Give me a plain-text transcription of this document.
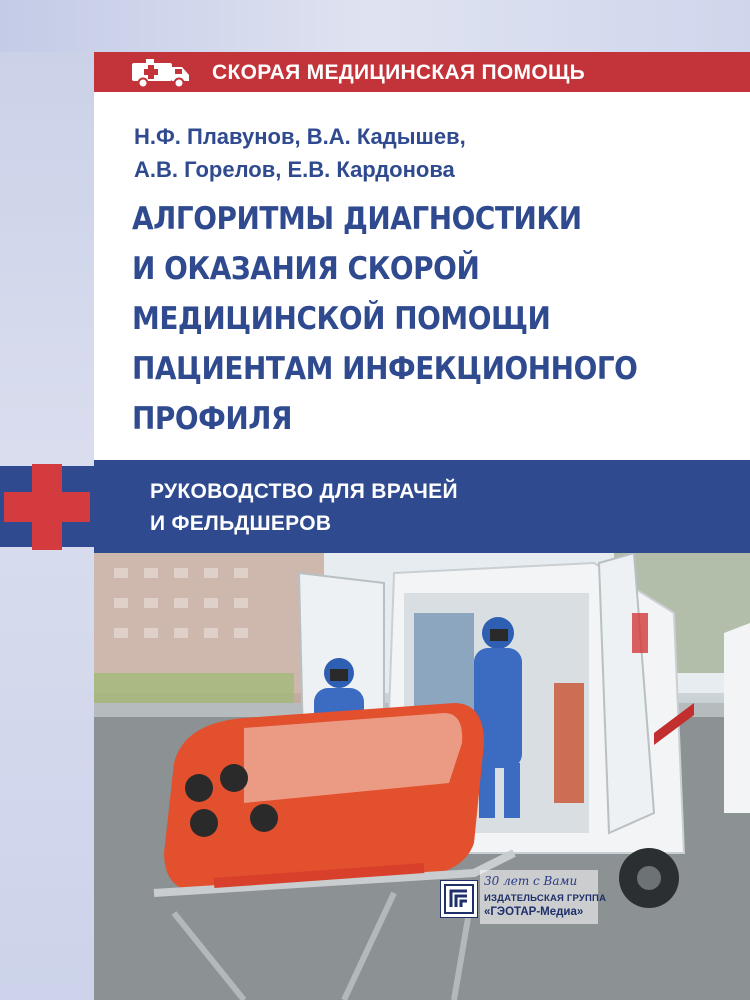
СКОРАЯ МЕДИЦИНСКАЯ ПОМОЩЬ
Н.Ф. Плавунов, В.А. Кадышев,
А.В. Горелов, Е.В. Кардонова
АЛГОРИТМЫ ДИАГНОСТИКИ
И ОКАЗАНИЯ СКОРОЙ
МЕДИЦИНСКОЙ ПОМОЩИ
ПАЦИЕНТАМ ИНФЕКЦИОННОГО
ПРОФИЛЯ
РУКОВОДСТВО ДЛЯ ВРАЧЕЙ
И ФЕЛЬДШЕРОВ
30 лет с Вами
ИЗДАТЕЛЬСКАЯ ГРУППА
«ГЭОТАР-Медиа»
